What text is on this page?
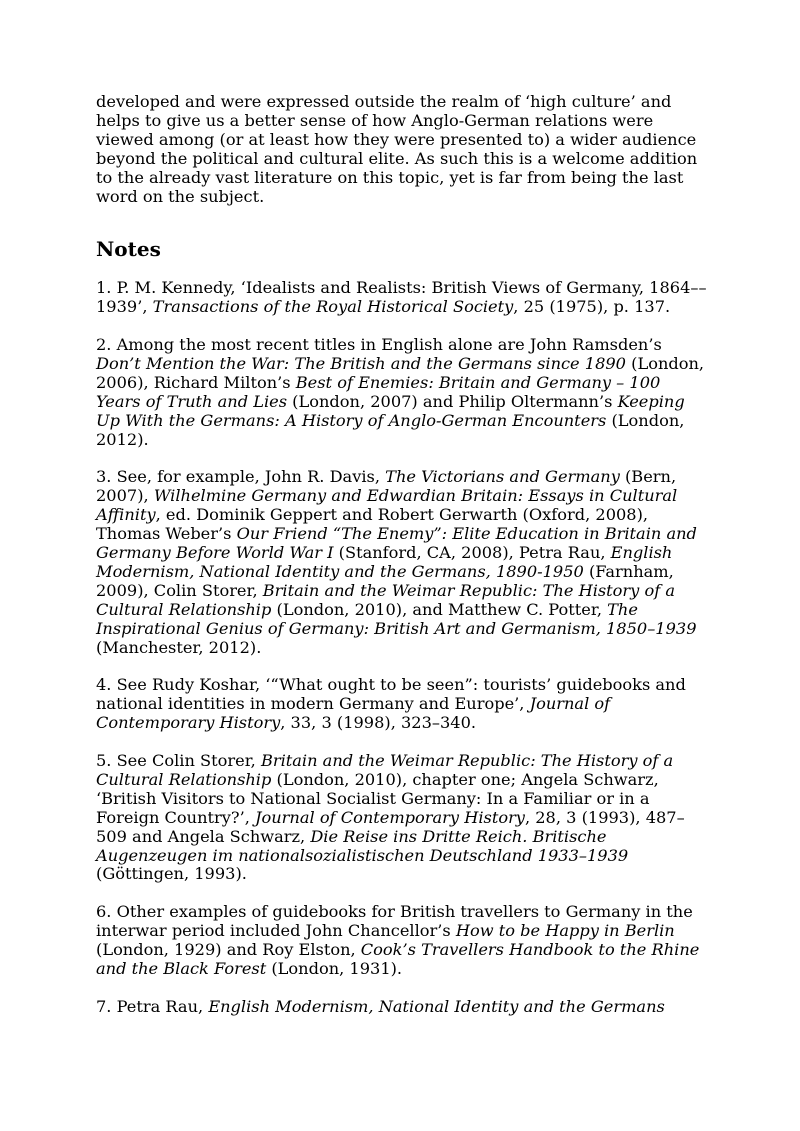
developed and were expressed outside the realm of ‘high culture’ and helps to give us a better sense of how Anglo-German relations were viewed among (or at least how they were presented to) a wider audience beyond the political and cultural elite. As such this is a welcome addition to the already vast literature on this topic, yet is far from being the last word on the subject.

Notes

1. P. M. Kennedy, ‘Idealists and Realists: British Views of Germany, 1864––1939’, Transactions of the Royal Historical Society, 25 (1975), p. 137.

2. Among the most recent titles in English alone are John Ramsden’s Don’t Mention the War: The British and the Germans since 1890 (London, 2006), Richard Milton’s Best of Enemies: Britain and Germany – 100 Years of Truth and Lies (London, 2007) and Philip Oltermann’s Keeping Up With the Germans: A History of Anglo-German Encounters (London, 2012).

3. See, for example, John R. Davis, The Victorians and Germany (Bern, 2007), Wilhelmine Germany and Edwardian Britain: Essays in Cultural Affinity, ed. Dominik Geppert and Robert Gerwarth (Oxford, 2008), Thomas Weber’s Our Friend “The Enemy”: Elite Education in Britain and Germany Before World War I (Stanford, CA, 2008), Petra Rau, English Modernism, National Identity and the Germans, 1890-1950 (Farnham, 2009), Colin Storer, Britain and the Weimar Republic: The History of a Cultural Relationship (London, 2010), and Matthew C. Potter, The Inspirational Genius of Germany: British Art and Germanism, 1850–1939 (Manchester, 2012).

4. See Rudy Koshar, ‘“What ought to be seen”: tourists’ guidebooks and national identities in modern Germany and Europe’, Journal of Contemporary History, 33, 3 (1998), 323–340.

5. See Colin Storer, Britain and the Weimar Republic: The History of a Cultural Relationship (London, 2010), chapter one; Angela Schwarz, ‘British Visitors to National Socialist Germany: In a Familiar or in a Foreign Country?’, Journal of Contemporary History, 28, 3 (1993), 487–509 and Angela Schwarz, Die Reise ins Dritte Reich. Britische Augenzeugen im nationalsozialistischen Deutschland 1933–1939 (Göttingen, 1993).

6. Other examples of guidebooks for British travellers to Germany in the interwar period included John Chancellor’s How to be Happy in Berlin (London, 1929) and Roy Elston, Cook’s Travellers Handbook to the Rhine and the Black Forest (London, 1931).

7. Petra Rau, English Modernism, National Identity and the Germans
